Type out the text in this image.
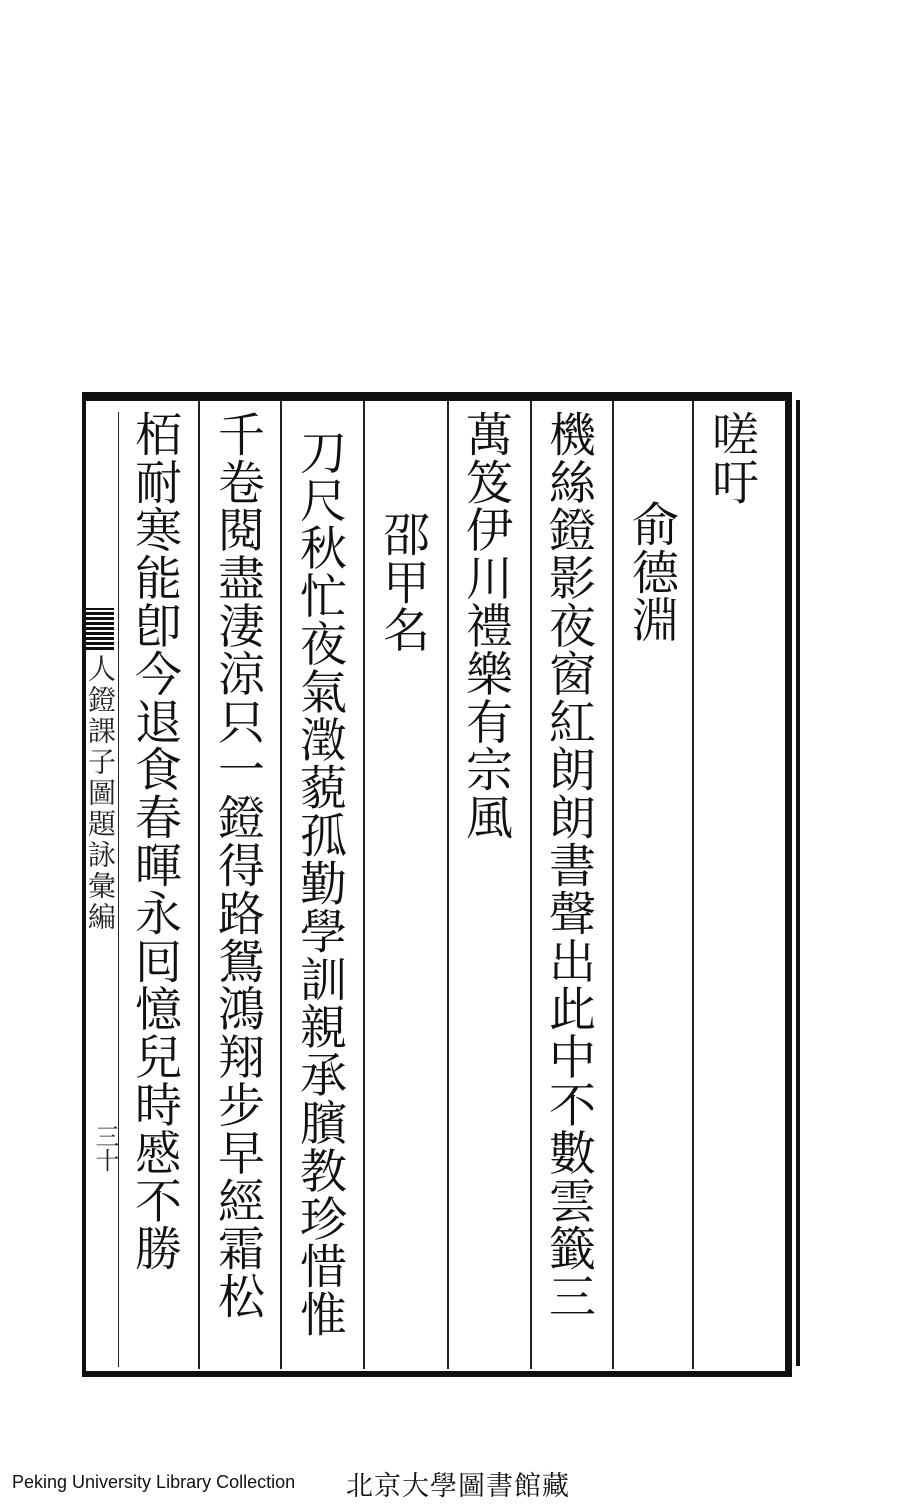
嗟吁
俞德淵
機絲鐙影夜窗紅朗朗書聲出此中不數雲籤三
萬笈伊川禮樂有宗風
邵甲名
刀尺秋忙夜氣澂藐孤勤學訓親承臏教珍惜惟
千卷閱盡淒涼只一鐙得路鴛鴻翔步早經霜松
栢耐寒能卽今退食春暉永囘憶兒時慼不勝
人鐙課子圖題詠彙編
三十
Peking University Library Collection 北京大學圖書館藏
